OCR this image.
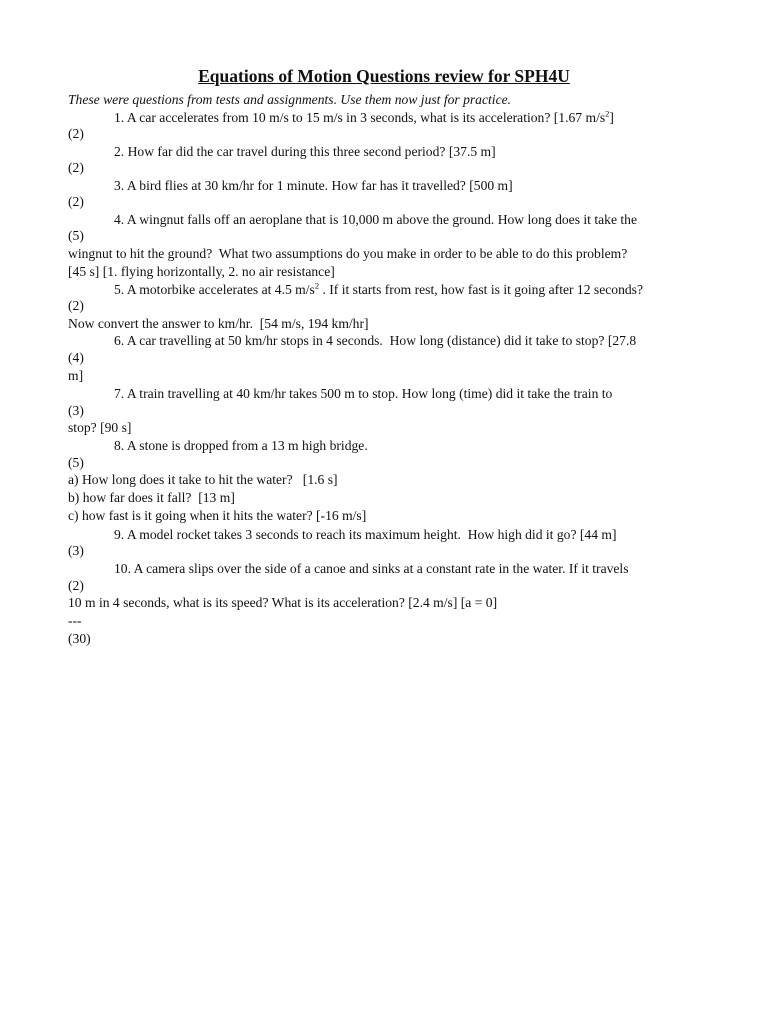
Equations of Motion Questions review for SPH4U
These were questions from tests and assignments. Use them now just for practice.
1. A car accelerates from 10 m/s to 15 m/s in 3 seconds, what is its acceleration? [1.67 $m/s^2$]
(2)
2. How far did the car travel during this three second period? [37.5 m]
(2)
3. A bird flies at 30 km/hr for 1 minute. How far has it travelled? [500 m]
(2)
4. A wingnut falls off an aeroplane that is 10,000 m above the ground. How long does it take the
(5)
wingnut to hit the ground?  What two assumptions do you make in order to be able to do this problem?
[45 s] [1. flying horizontally, 2. no air resistance]
5. A motorbike accelerates at 4.5 $m/s^2$ . If it starts from rest, how fast is it going after 12 seconds?
(2)
Now convert the answer to km/hr.  [54 m/s, 194 km/hr]
6. A car travelling at 50 km/hr stops in 4 seconds.  How long (distance) did it take to stop? [27.8
(4)
m]
7. A train travelling at 40 km/hr takes 500 m to stop. How long (time) did it take the train to
(3)
stop? [90 s]
8. A stone is dropped from a 13 m high bridge.
(5)
a) How long does it take to hit the water?   [1.6 s]
b) how far does it fall?  [13 m]
c) how fast is it going when it hits the water? [-16 m/s]
9. A model rocket takes 3 seconds to reach its maximum height.  How high did it go? [44 m]
(3)
10. A camera slips over the side of a canoe and sinks at a constant rate in the water. If it travels
(2)
10 m in 4 seconds, what is its speed? What is its acceleration? [2.4 m/s] [a = 0]
---
(30)
